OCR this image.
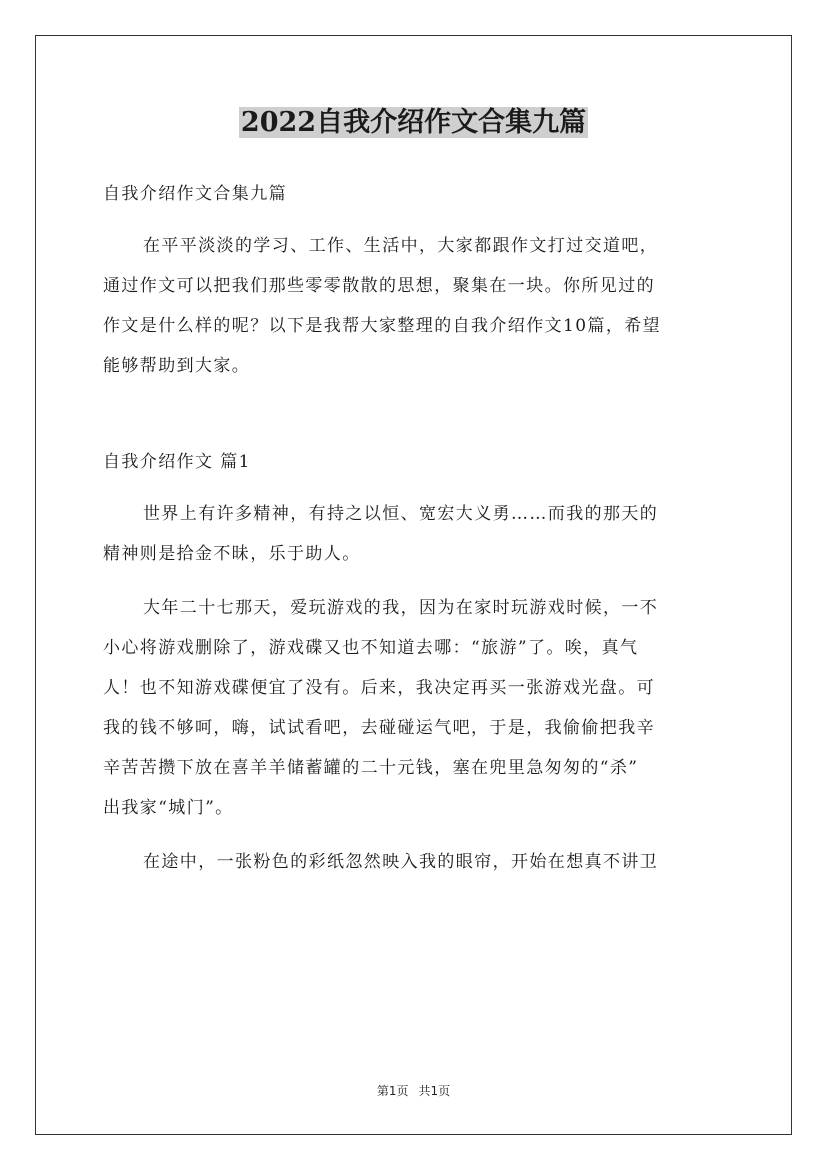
2022自我介绍作文合集九篇
自我介绍作文合集九篇
在平平淡淡的学习、工作、生活中，大家都跟作文打过交道吧，
通过作文可以把我们那些零零散散的思想，聚集在一块。你所见过的
作文是什么样的呢？以下是我帮大家整理的自我介绍作文10篇，希望
能够帮助到大家。
自我介绍作文 篇1
世界上有许多精神，有持之以恒、宽宏大义勇……而我的那天的
精神则是拾金不昧，乐于助人。
大年二十七那天，爱玩游戏的我，因为在家时玩游戏时候，一不
小心将游戏删除了，游戏碟又也不知道去哪：“旅游”了。唉，真气
人！也不知游戏碟便宜了没有。后来，我决定再买一张游戏光盘。可
我的钱不够呵，嗨，试试看吧，去碰碰运气吧，于是，我偷偷把我辛
辛苦苦攒下放在喜羊羊储蓄罐的二十元钱，塞在兜里急匆匆的“杀”
出我家“城门”。
在途中，一张粉色的彩纸忽然映入我的眼帘，开始在想真不讲卫
第1页 共1页
